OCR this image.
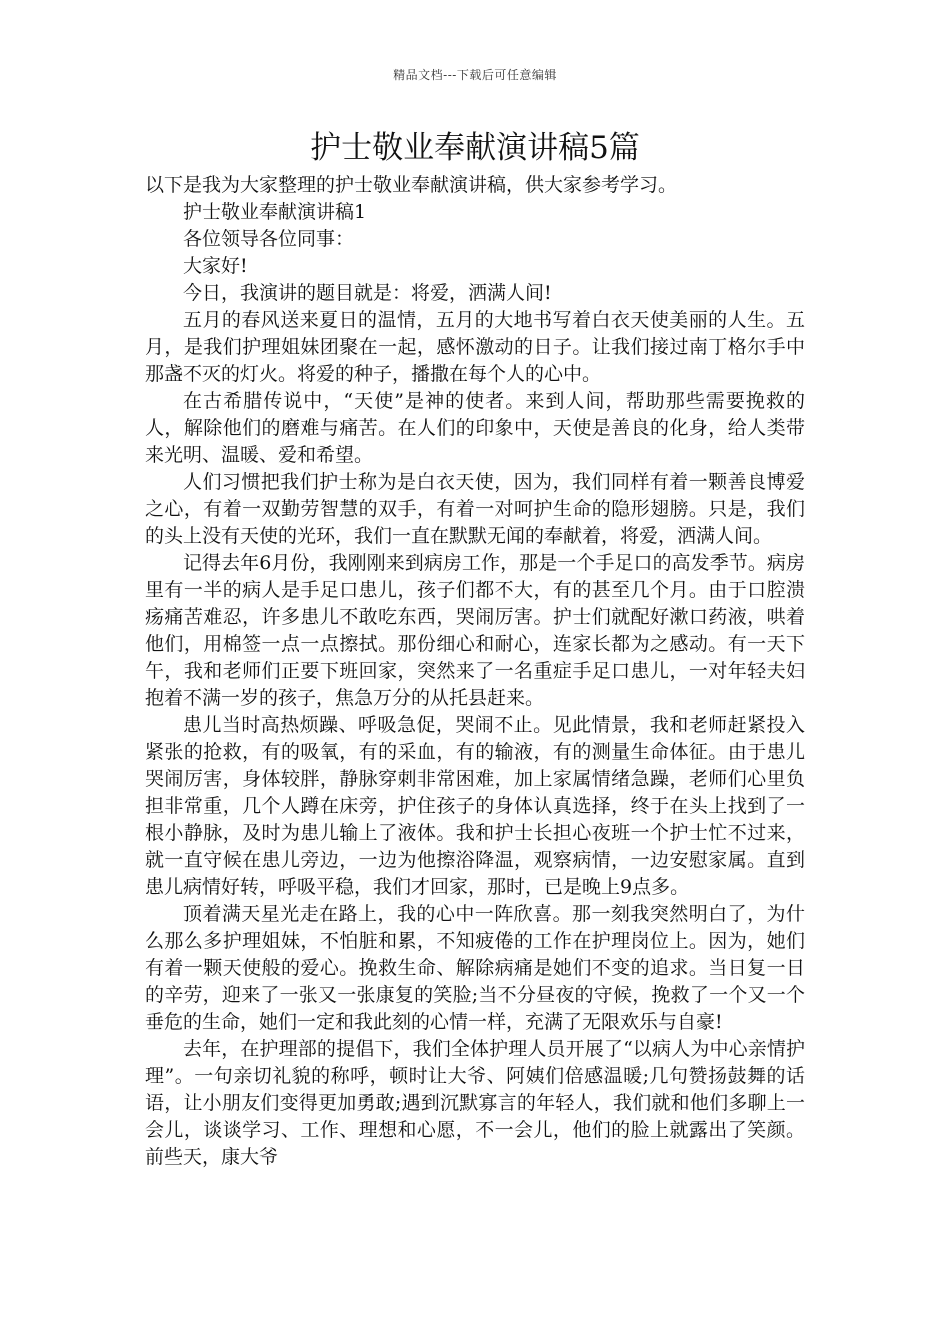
精品文档---下载后可任意编辑
护士敬业奉献演讲稿5篇

以下是我为大家整理的护士敬业奉献演讲稿，供大家参考学习。

护士敬业奉献演讲稿1

各位领导各位同事：

大家好!

今日，我演讲的题目就是：将爱，洒满人间!

五月的春风送来夏日的温情，五月的大地书写着白衣天使美丽的人生。五月，是我们护理姐妹团聚在一起，感怀激动的日子。让我们接过南丁格尔手中那盏不灭的灯火。将爱的种子，播撒在每个人的心中。

在古希腊传说中，“天使”是神的使者。来到人间，帮助那些需要挽救的人，解除他们的磨难与痛苦。在人们的印象中，天使是善良的化身，给人类带来光明、温暖、爱和希望。

人们习惯把我们护士称为是白衣天使，因为，我们同样有着一颗善良博爱之心，有着一双勤劳智慧的双手，有着一对呵护生命的隐形翅膀。只是，我们的头上没有天使的光环，我们一直在默默无闻的奉献着，将爱，洒满人间。

记得去年6月份，我刚刚来到病房工作，那是一个手足口的高发季节。病房里有一半的病人是手足口患儿，孩子们都不大，有的甚至几个月。由于口腔溃疡痛苦难忍，许多患儿不敢吃东西，哭闹厉害。护士们就配好漱口药液，哄着他们，用棉签一点一点擦拭。那份细心和耐心，连家长都为之感动。有一天下午，我和老师们正要下班回家，突然来了一名重症手足口患儿，一对年轻夫妇抱着不满一岁的孩子，焦急万分的从托县赶来。

患儿当时高热烦躁、呼吸急促，哭闹不止。见此情景，我和老师赶紧投入紧张的抢救，有的吸氧，有的采血，有的输液，有的测量生命体征。由于患儿哭闹厉害，身体较胖，静脉穿刺非常困难，加上家属情绪急躁，老师们心里负担非常重，几个人蹲在床旁，护住孩子的身体认真选择，终于在头上找到了一根小静脉，及时为患儿输上了液体。我和护士长担心夜班一个护士忙不过来，就一直守候在患儿旁边，一边为他擦浴降温，观察病情，一边安慰家属。直到患儿病情好转，呼吸平稳，我们才回家，那时，已是晚上9点多。

顶着满天星光走在路上，我的心中一阵欣喜。那一刻我突然明白了，为什么那么多护理姐妹，不怕脏和累，不知疲倦的工作在护理岗位上。因为，她们有着一颗天使般的爱心。挽救生命、解除病痛是她们不变的追求。当日复一日的辛劳，迎来了一张又一张康复的笑脸;当不分昼夜的守候，挽救了一个又一个垂危的生命，她们一定和我此刻的心情一样，充满了无限欢乐与自豪!

去年，在护理部的提倡下，我们全体护理人员开展了“以病人为中心亲情护理”。一句亲切礼貌的称呼，顿时让大爷、阿姨们倍感温暖;几句赞扬鼓舞的话语，让小朋友们变得更加勇敢;遇到沉默寡言的年轻人，我们就和他们多聊上一会儿，谈谈学习、工作、理想和心愿，不一会儿，他们的脸上就露出了笑颜。前些天，康大爷
